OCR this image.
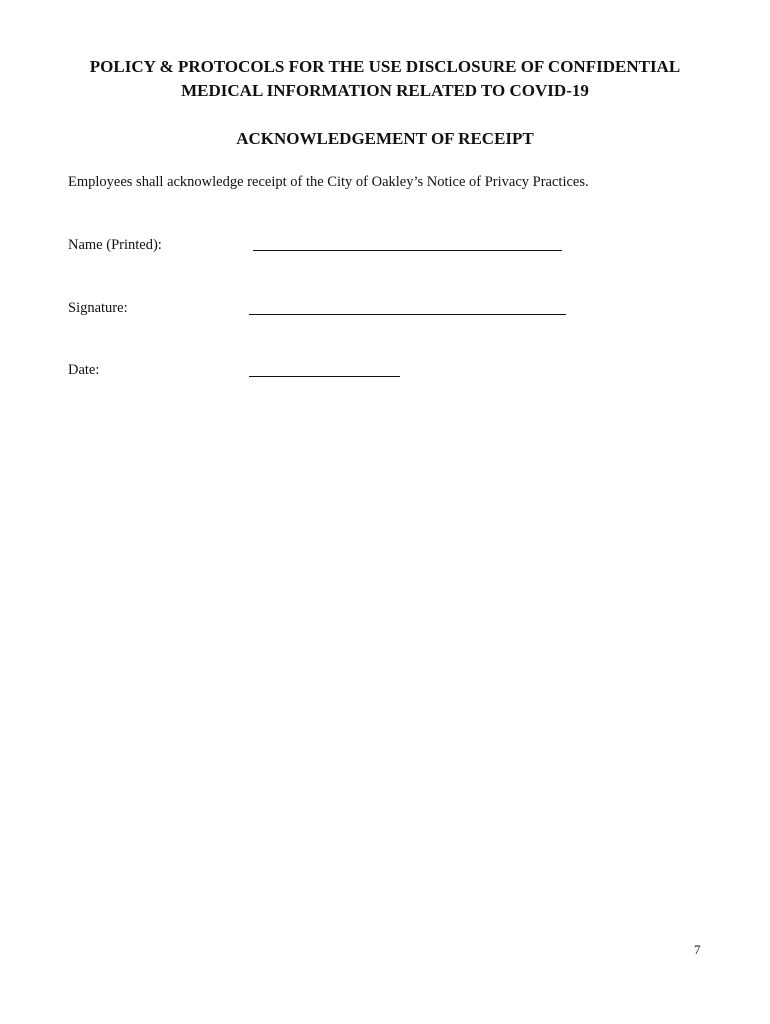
POLICY & PROTOCOLS FOR THE USE DISCLOSURE OF CONFIDENTIAL
MEDICAL INFORMATION RELATED TO COVID-19
ACKNOWLEDGEMENT OF RECEIPT
Employees shall acknowledge receipt of the City of Oakley’s Notice of Privacy Practices.
Name (Printed):
Signature:
Date:
7
